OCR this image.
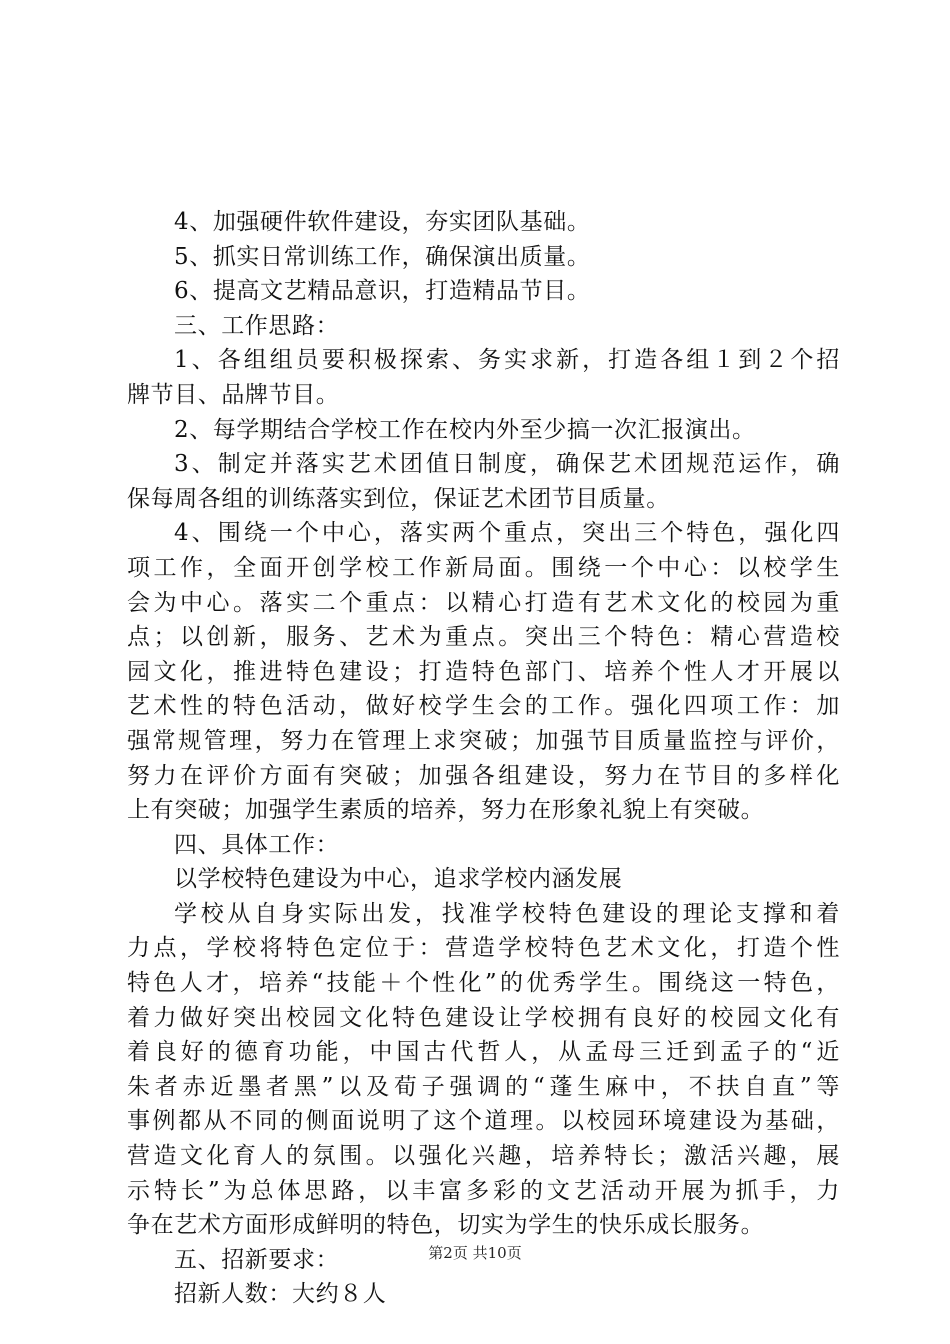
4、加强硬件软件建设，夯实团队基础。
5、抓实日常训练工作，确保演出质量。
6、提高文艺精品意识，打造精品节目。
三、工作思路：
1、各组组员要积极探索、务实求新，打造各组１到２个招
牌节目、品牌节目。
2、每学期结合学校工作在校内外至少搞一次汇报演出。
3、制定并落实艺术团值日制度，确保艺术团规范运作，确
保每周各组的训练落实到位，保证艺术团节目质量。
4、围绕一个中心，落实两个重点，突出三个特色，强化四
项工作，全面开创学校工作新局面。围绕一个中心：以校学生
会为中心。落实二个重点：以精心打造有艺术文化的校园为重
点；以创新，服务、艺术为重点。突出三个特色：精心营造校
园文化，推进特色建设；打造特色部门、培养个性人才开展以
艺术性的特色活动，做好校学生会的工作。强化四项工作：加
强常规管理，努力在管理上求突破；加强节目质量监控与评价，
努力在评价方面有突破；加强各组建设，努力在节目的多样化
上有突破；加强学生素质的培养，努力在形象礼貌上有突破。
四、具体工作：
以学校特色建设为中心，追求学校内涵发展
学校从自身实际出发，找准学校特色建设的理论支撑和着
力点，学校将特色定位于：营造学校特色艺术文化，打造个性
特色人才，培养“技能＋个性化”的优秀学生。围绕这一特色，
着力做好突出校园文化特色建设让学校拥有良好的校园文化有
着良好的德育功能，中国古代哲人，从孟母三迁到孟子的“近
朱者赤近墨者黑”以及荀子强调的“蓬生麻中，不扶自直”等
事例都从不同的侧面说明了这个道理。以校园环境建设为基础，
营造文化育人的氛围。以强化兴趣，培养特长；激活兴趣，展
示特长”为总体思路，以丰富多彩的文艺活动开展为抓手，力
争在艺术方面形成鲜明的特色，切实为学生的快乐成长服务。
五、招新要求：
招新人数：大约８人
第2页 共10页
